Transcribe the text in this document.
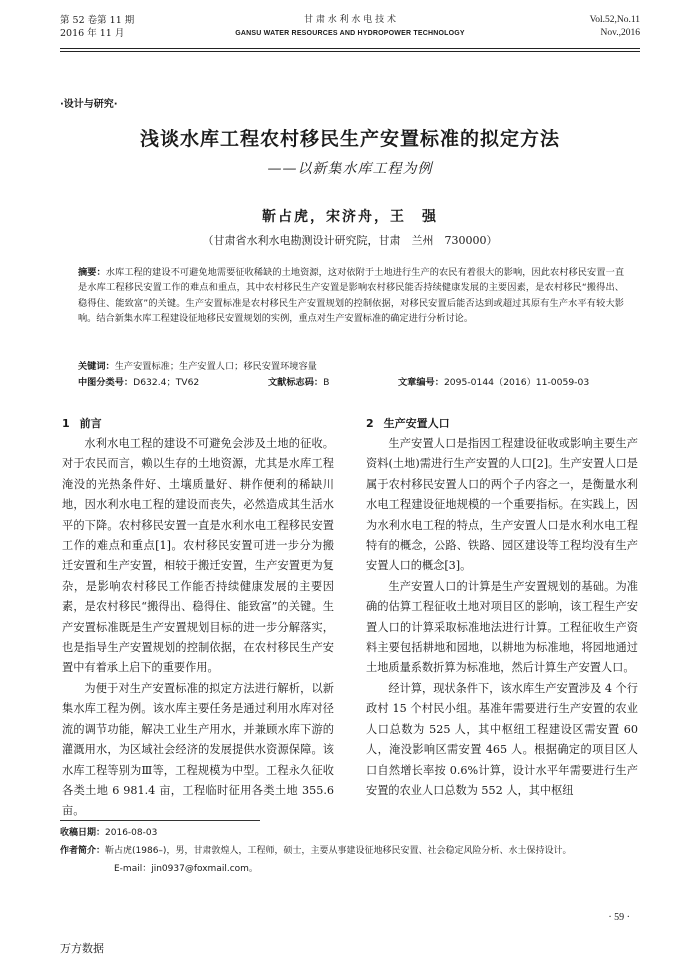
第 52 卷第 11 期
2016 年 11 月
甘 肃 水 利 水 电 技 术
GANSU WATER RESOURCES AND HYDROPOWER TECHNOLOGY
Vol.52,No.11
Nov.,2016
·设计与研究·
浅谈水库工程农村移民生产安置标准的拟定方法
——以新集水库工程为例
靳占虎，宋济舟，王　强
（甘肃省水利水电勘测设计研究院，甘肃　兰州　730000）
摘要：水库工程的建设不可避免地需要征收稀缺的土地资源，这对依附于土地进行生产的农民有着很大的影响，因此农村移民安置一直是水库工程移民安置工作的难点和重点，其中农村移民生产安置是影响农村移民能否持续健康发展的主要因素，是农村移民“搬得出、稳得住、能致富”的关键。生产安置标准是农村移民生产安置规划的控制依据，对移民安置后能否达到或超过其原有生产水平有较大影响。结合新集水库工程建设征地移民安置规划的实例，重点对生产安置标准的确定进行分析讨论。
关键词：生产安置标准；生产安置人口；移民安置环境容量
中图分类号：D632.4；TV62	文献标志码：B	文章编号：2095-0144（2016）11-0059-03
1 前言

水利水电工程的建设不可避免会涉及土地的征收。对于农民而言，赖以生存的土地资源，尤其是水库工程淹没的光热条件好、土壤质量好、耕作便利的稀缺川地，因水利水电工程的建设而丧失，必然造成其生活水平的下降。农村移民安置一直是水利水电工程移民安置工作的难点和重点[1]。农村移民安置可进一步分为搬迁安置和生产安置，相较于搬迁安置，生产安置更为复杂，是影响农村移民工作能否持续健康发展的主要因素，是农村移民“搬得出、稳得住、能致富”的关键。生产安置标准既是生产安置规划目标的进一步分解落实，也是指导生产安置规划的控制依据，在农村移民生产安置中有着承上启下的重要作用。

为便于对生产安置标准的拟定方法进行解析，以新集水库工程为例。该水库主要任务是通过利用水库对径流的调节功能，解决工业生产用水，并兼顾水库下游的灌溉用水，为区域社会经济的发展提供水资源保障。该水库工程等别为Ⅲ等，工程规模为中型。工程永久征收各类土地 6 981.4 亩，工程临时征用各类土地 355.6 亩。

2 生产安置人口

生产安置人口是指因工程建设征收或影响主要生产资料(土地)需进行生产安置的人口[2]。生产安置人口是属于农村移民安置人口的两个子内容之一，是衡量水利水电工程建设征地规模的一个重要指标。在实践上，因为水利水电工程的特点，生产安置人口是水利水电工程特有的概念，公路、铁路、园区建设等工程均没有生产安置人口的概念[3]。

生产安置人口的计算是生产安置规划的基础。为准确的估算工程征收土地对项目区的影响，该工程生产安置人口的计算采取标准地法进行计算。工程征收生产资料主要包括耕地和园地，以耕地为标准地，将园地通过土地质量系数折算为标准地，然后计算生产安置人口。

经计算，现状条件下，该水库生产安置涉及 4 个行政村 15 个村民小组。基准年需要进行生产安置的农业人口总数为 525 人，其中枢纽工程建设区需安置 60 人，淹没影响区需安置 465 人。根据确定的项目区人口自然增长率按 0.6%计算，设计水平年需要进行生产安置的农业人口总数为 552 人，其中枢纽

收稿日期：2016-08-03
作者简介：靳占虎(1986–)，男，甘肃敦煌人，工程师，硕士，主要从事建设征地移民安置、社会稳定风险分析、水土保持设计。
E-mail：jin0937@foxmail.com。
· 59 ·
万方数据
